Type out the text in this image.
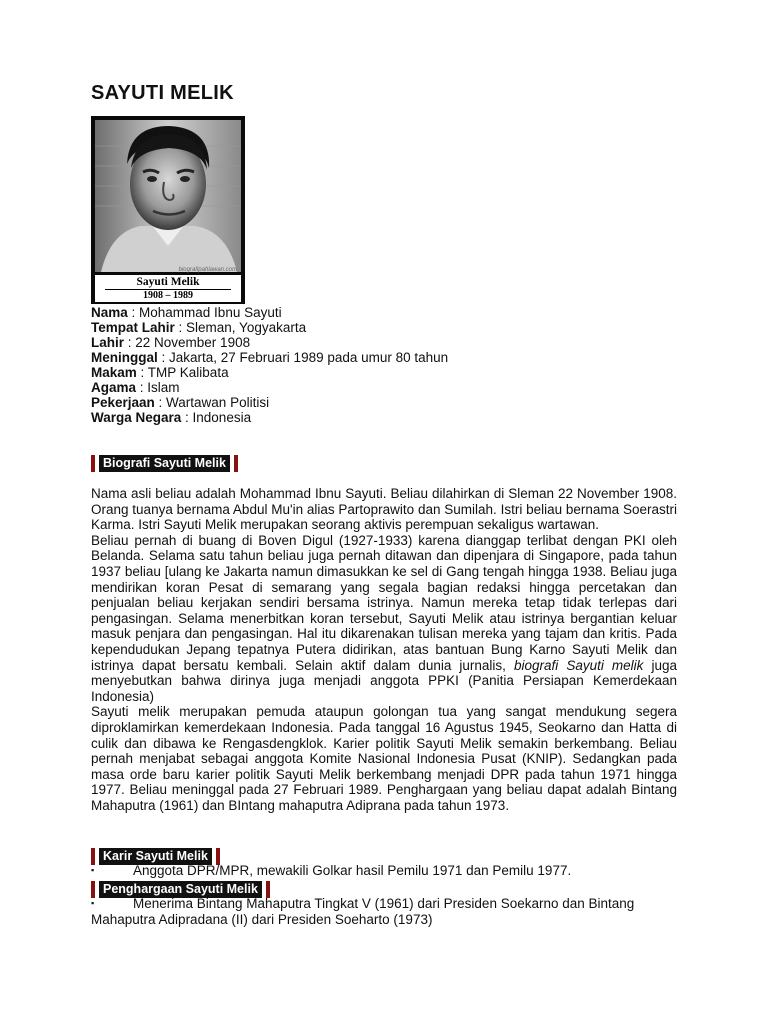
SAYUTI MELIK
biografipahlawan.com
Sayuti Melik
1908 – 1989
Nama : Mohammad Ibnu Sayuti
Tempat Lahir : Sleman, Yogyakarta
Lahir : 22 November 1908
Meninggal : Jakarta, 27 Februari 1989 pada umur 80 tahun
Makam : TMP Kalibata
Agama : Islam
Pekerjaan : Wartawan Politisi
Warga Negara : Indonesia
Biografi Sayuti Melik

Nama asli beliau adalah Mohammad Ibnu Sayuti. Beliau dilahirkan di Sleman 22 November 1908. Orang tuanya bernama Abdul Mu'in alias Partoprawito dan Sumilah. Istri beliau bernama Soerastri Karma. Istri Sayuti Melik merupakan seorang aktivis perempuan sekaligus wartawan.

Beliau pernah di buang di Boven Digul (1927-1933) karena dianggap terlibat dengan PKI oleh Belanda. Selama satu tahun beliau juga pernah ditawan dan dipenjara di Singapore, pada tahun 1937 beliau [ulang ke Jakarta namun dimasukkan ke sel di Gang tengah hingga 1938. Beliau juga mendirikan koran Pesat di semarang yang segala bagian redaksi hingga percetakan dan penjualan beliau kerjakan sendiri bersama istrinya. Namun mereka tetap tidak terlepas dari pengasingan. Selama menerbitkan koran tersebut, Sayuti Melik atau istrinya bergantian keluar masuk penjara dan pengasingan. Hal itu dikarenakan tulisan mereka yang tajam dan kritis. Pada kependudukan Jepang tepatnya Putera didirikan, atas bantuan Bung Karno Sayuti Melik dan istrinya dapat bersatu kembali. Selain aktif dalam dunia jurnalis, biografi Sayuti melik juga menyebutkan bahwa dirinya juga menjadi anggota PPKI (Panitia Persiapan Kemerdekaan Indonesia)

Sayuti melik merupakan pemuda ataupun golongan tua yang sangat mendukung segera diproklamirkan kemerdekaan Indonesia. Pada tanggal 16 Agustus 1945, Seokarno dan Hatta di culik dan dibawa ke Rengasdengklok. Karier politik Sayuti Melik semakin berkembang. Beliau pernah menjabat sebagai anggota Komite Nasional Indonesia Pusat (KNIP). Sedangkan pada masa orde baru karier politik Sayuti Melik berkembang menjadi DPR pada tahun 1971 hingga 1977. Beliau meninggal pada 27 Februari 1989. Penghargaan yang beliau dapat adalah Bintang Mahaputra (1961) dan BIntang mahaputra Adiprana pada tahun 1973.

Karir Sayuti Melik
▪	Anggota DPR/MPR, mewakili Golkar hasil Pemilu 1971 dan Pemilu 1977.
Penghargaan Sayuti Melik
▪	Menerima Bintang Mahaputra Tingkat V (1961) dari Presiden Soekarno dan Bintang Mahaputra Adipradana (II) dari Presiden Soeharto (1973)
